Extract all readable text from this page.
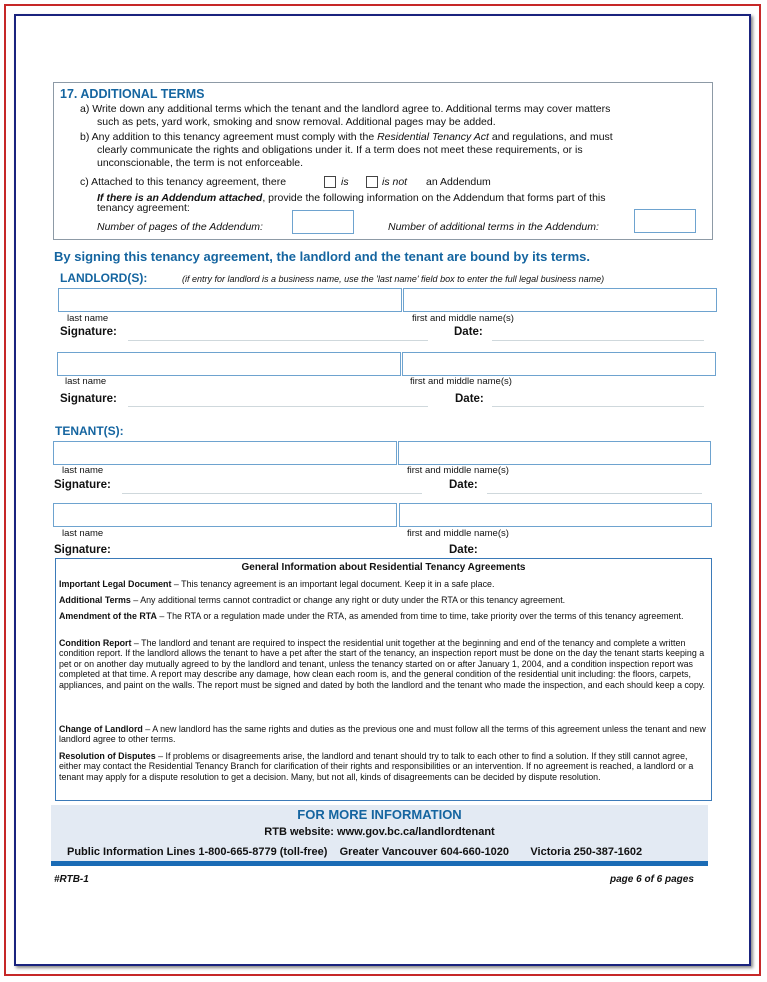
17. ADDITIONAL TERMS
a) Write down any additional terms which the tenant and the landlord agree to. Additional terms may cover matters
such as pets, yard work, smoking and snow removal. Additional pages may be added.
b) Any addition to this tenancy agreement must comply with the Residential Tenancy Act and regulations, and must
clearly communicate the rights and obligations under it. If a term does not meet these requirements, or is
unconscionable, the term is not enforceable.
c) Attached to this tenancy agreement, there	is	is not an Addendum
If there is an Addendum attached, provide the following information on the Addendum that forms part of this
tenancy agreement:
Number of pages of the Addendum:	Number of additional terms in the Addendum:
By signing this tenancy agreement, the landlord and the tenant are bound by its terms.
LANDLORD(S):	(if entry for landlord is a business name, use the 'last name' field box to enter the full legal business name)
last name	first and middle name(s)
Signature:	Date:
last name	first and middle name(s)
Signature:	Date:
TENANT(S):
last name	first and middle name(s)
Signature:	Date:
last name	first and middle name(s)
Signature:	Date:
General Information about Residential Tenancy Agreements
Important Legal Document – This tenancy agreement is an important legal document. Keep it in a safe place.
Additional Terms – Any additional terms cannot contradict or change any right or duty under the RTA or this tenancy agreement.
Amendment of the RTA – The RTA or a regulation made under the RTA, as amended from time to time, take priority over the terms of this tenancy agreement.
Condition Report – The landlord and tenant are required to inspect the residential unit together at the beginning and end of the tenancy and complete a written condition report. If the landlord allows the tenant to have a pet after the start of the tenancy, an inspection report must be done on the day the tenant starts keeping a pet or on another day mutually agreed to by the landlord and tenant, unless the tenancy started on or after January 1, 2004, and a condition inspection report was completed at that time. A report may describe any damage, how clean each room is, and the general condition of the residential unit including: the floors, carpets, appliances, and paint on the walls. The report must be signed and dated by both the landlord and the tenant who made the inspection, and each should keep a copy.
Change of Landlord – A new landlord has the same rights and duties as the previous one and must follow all the terms of this agreement unless the tenant and new landlord agree to other terms.
Resolution of Disputes – If problems or disagreements arise, the landlord and tenant should try to talk to each other to find a solution. If they still cannot agree, either may contact the Residential Tenancy Branch for clarification of their rights and responsibilities or an intervention. If no agreement is reached, a landlord or a tenant may apply for a dispute resolution to get a decision. Many, but not all, kinds of disagreements can be decided by dispute resolution.
FOR MORE INFORMATION
RTB website: www.gov.bc.ca/landlordtenant
Public Information Lines 1-800-665-8779 (toll-free)    Greater Vancouver 604-660-1020       Victoria 250-387-1602
#RTB-1	page 6 of 6 pages
